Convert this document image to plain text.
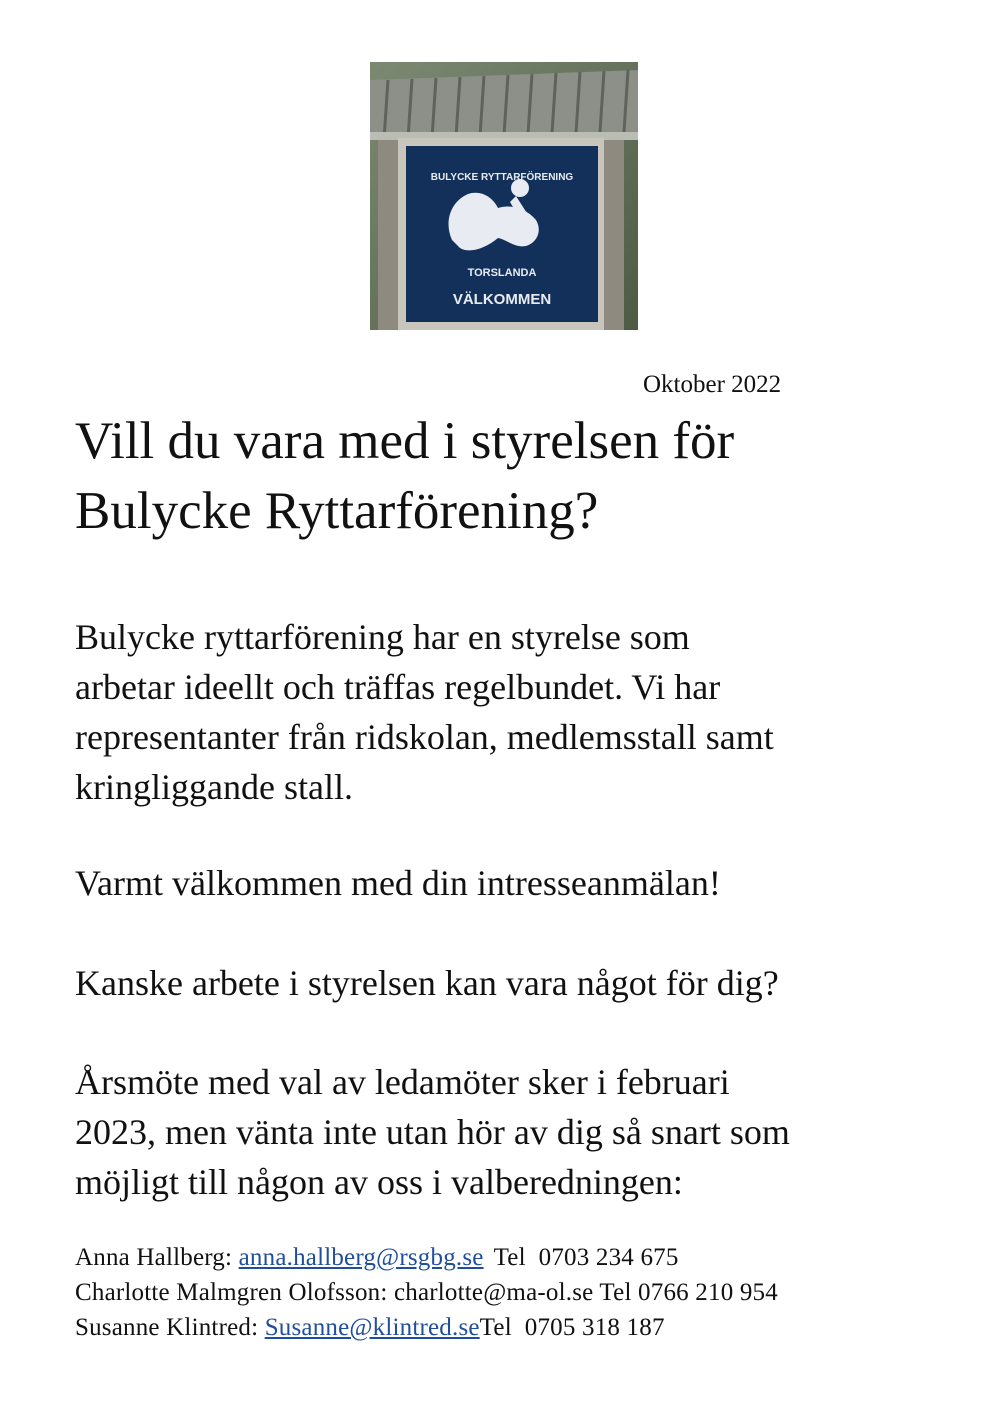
BULYCKE RYTTARFÖRENING
TORSLANDA
VÄLKOMMEN

Oktober 2022

Vill du vara med i styrelsen för
Bulycke Ryttarförening?

Bulycke ryttarförening har en styrelse som
arbetar ideellt och träffas regelbundet. Vi har
representanter från ridskolan, medlemsstall samt
kringliggande stall.

Varmt välkommen med din intresseanmälan!

Kanske arbete i styrelsen kan vara något för dig?

Årsmöte med val av ledamöter sker i februari
2023, men vänta inte utan hör av dig så snart som
möjligt till någon av oss i valberedningen:

Anna Hallberg: anna.hallberg@rsgbg.se Tel  0703 234 675
Charlotte Malmgren Olofsson: charlotte@ma-ol.se Tel 0766 210 954
Susanne Klintred: Susanne@klintred.seTel  0705 318 187
